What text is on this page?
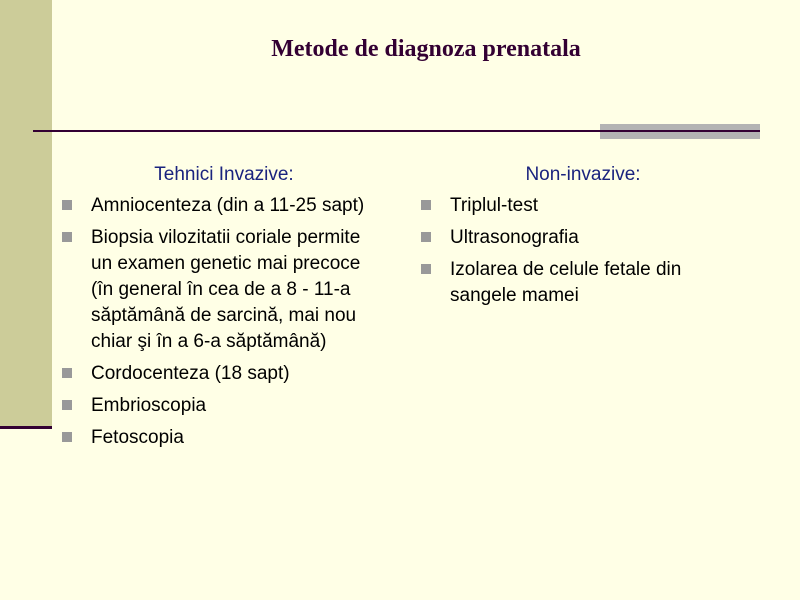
Metode de diagnoza prenatala
Tehnici Invazive:
Amniocenteza (din a 11-25 sapt)
Biopsia vilozitatii coriale permite un examen genetic mai precoce (în general în cea de a 8 - 11-a săptămână de sarcină, mai nou chiar şi în a 6-a săptămână)
Cordocenteza (18 sapt)
Embrioscopia
Fetoscopia
Non-invazive:
Triplul-test
Ultrasonografia
Izolarea de celule fetale din sangele mamei
